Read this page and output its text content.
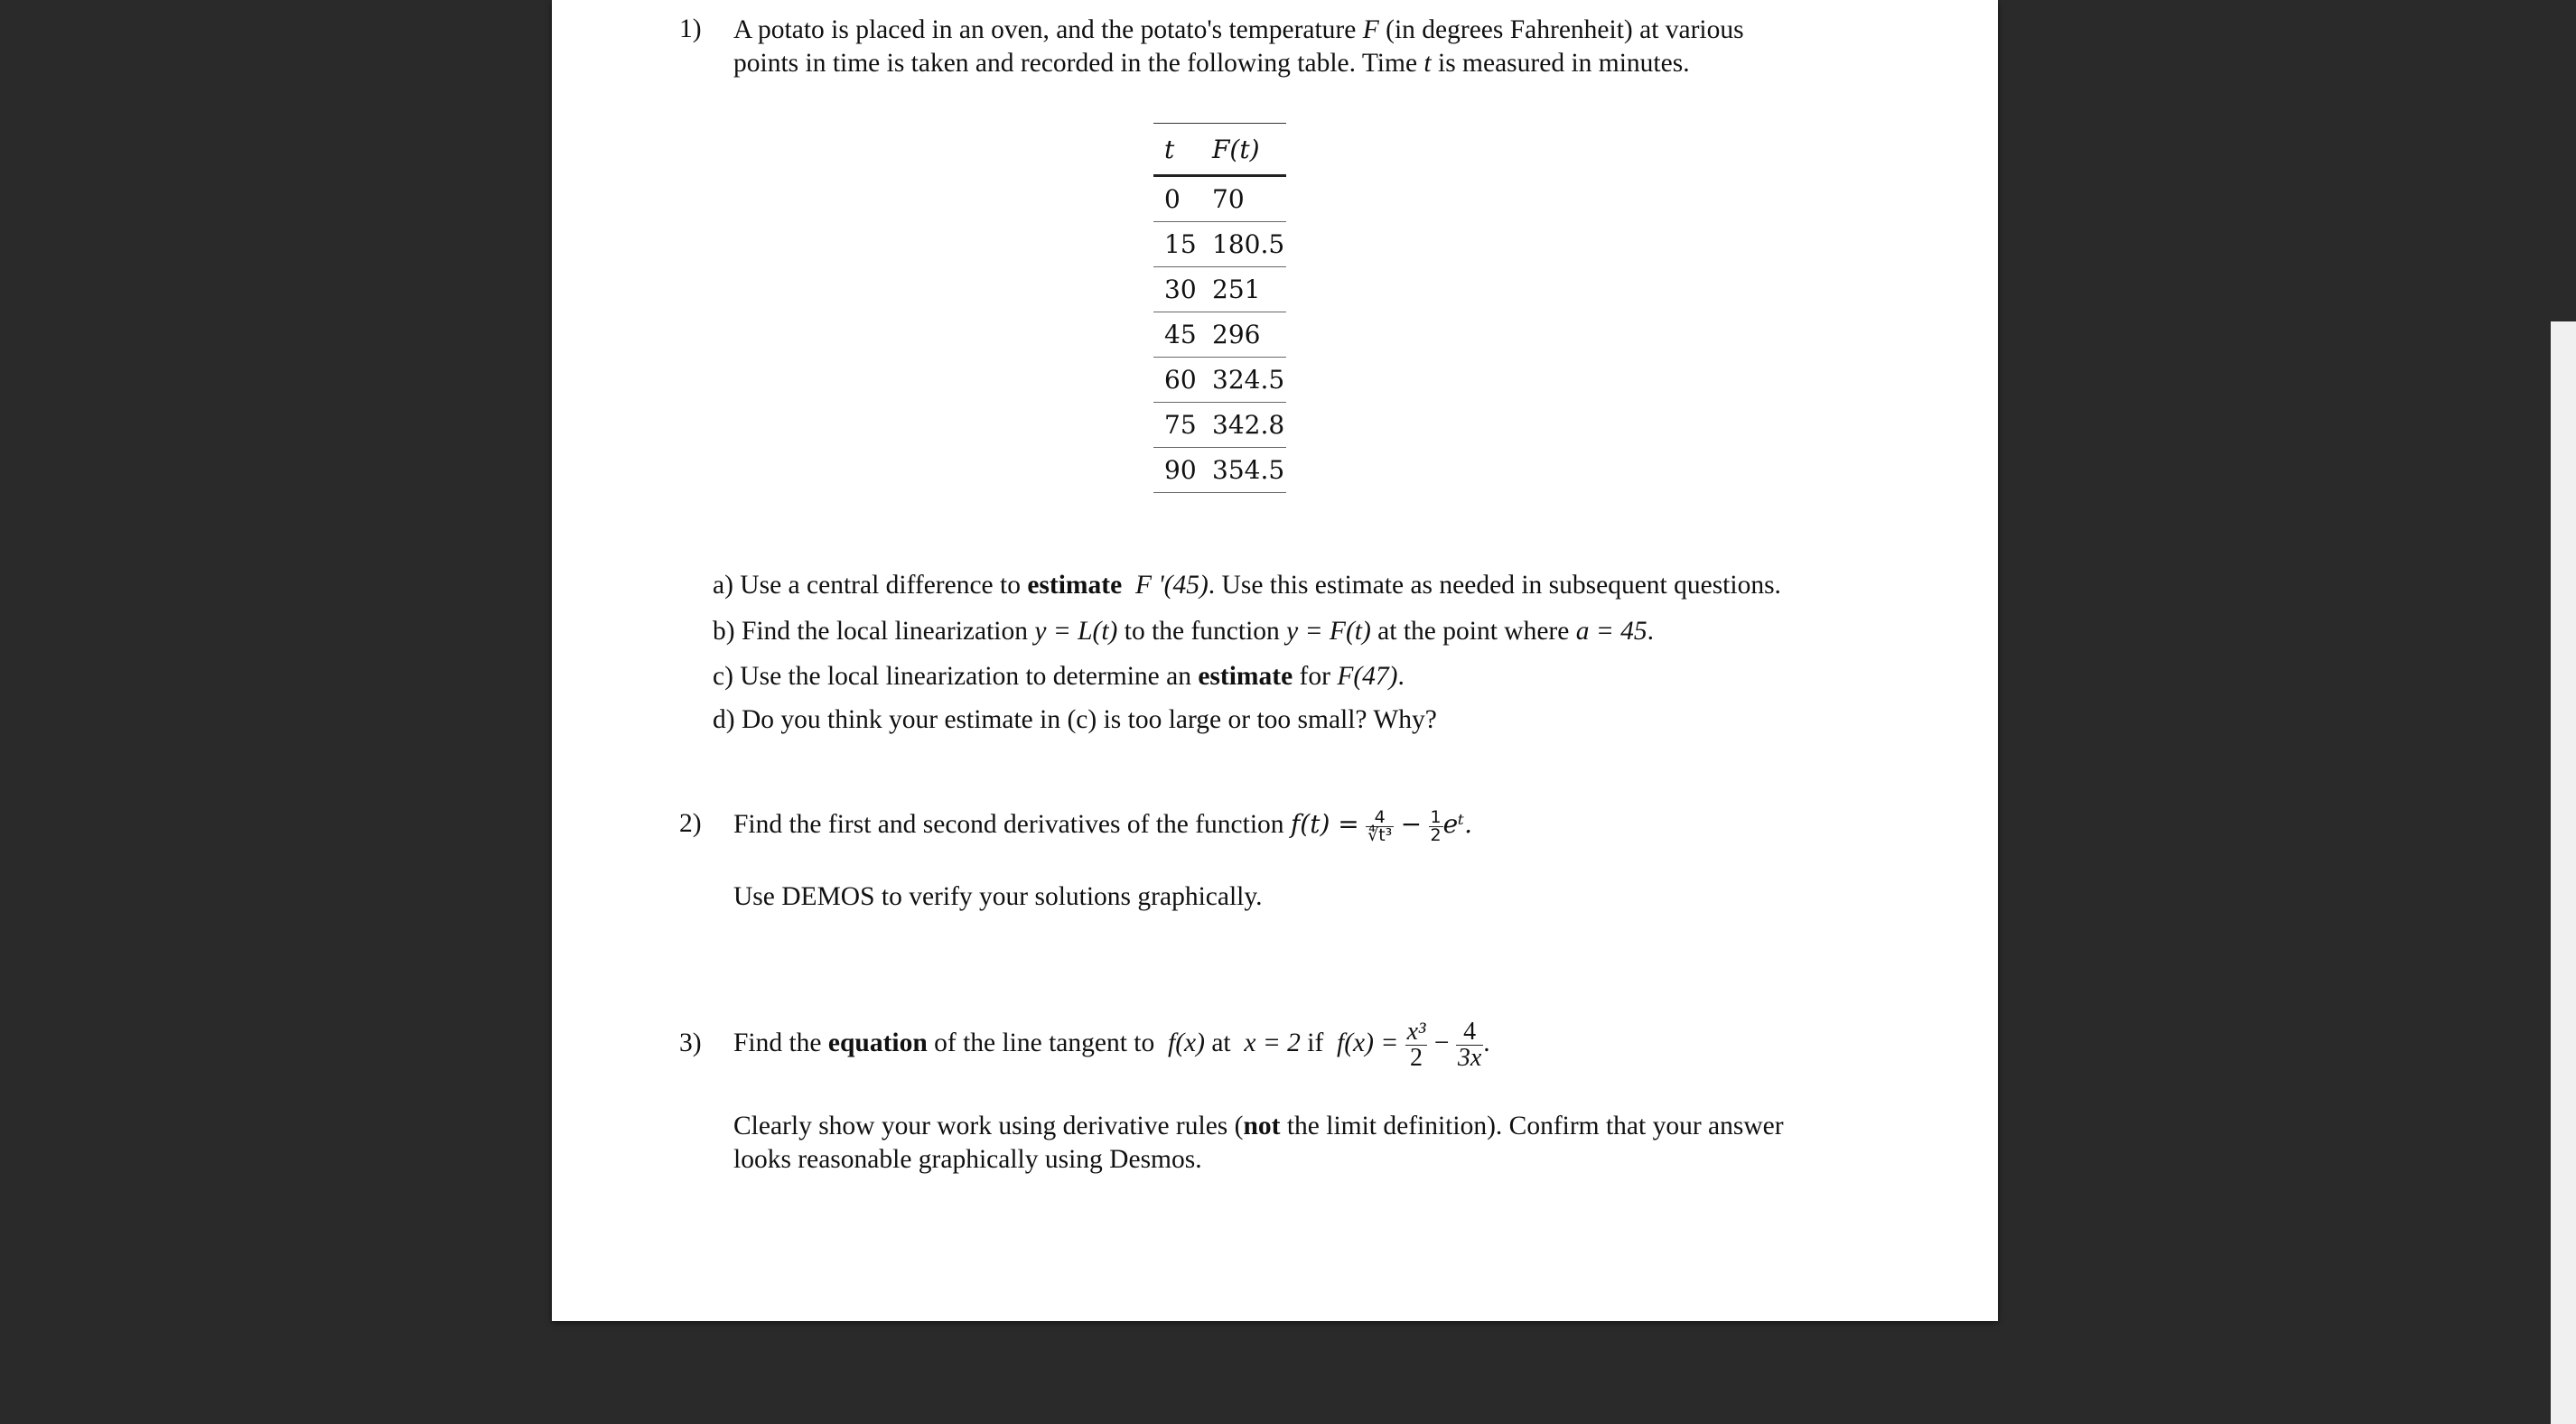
1) A potato is placed in an oven, and the potato's temperature F (in degrees Fahrenheit) at various
points in time is taken and recorded in the following table. Time t is measured in minutes.
t F(t)
0 70
15 180.5
30 251
45 296
60 324.5
75 342.8
90 354.5
a) Use a central difference to estimate F '(45). Use this estimate as needed in subsequent questions.
b) Find the local linearization y = L(t) to the function y = F(t) at the point where a = 45.
c) Use the local linearization to determine an estimate for F(47).
d) Do you think your estimate in (c) is too large or too small? Why?
2) Find the first and second derivatives of the function $f(t) = \frac{4}{\text{∜t³}} - \frac{1}{2}$ eᵗ.
Use DEMOS to verify your solutions graphically.
3) Find the equation of the line tangent to  f(x) at  x = 2 if  $f(x) = \frac{\text{x³}}{2} - \frac{4}{3x}$ .
Clearly show your work using derivative rules (not the limit definition). Confirm that your answer
looks reasonable graphically using Desmos.
